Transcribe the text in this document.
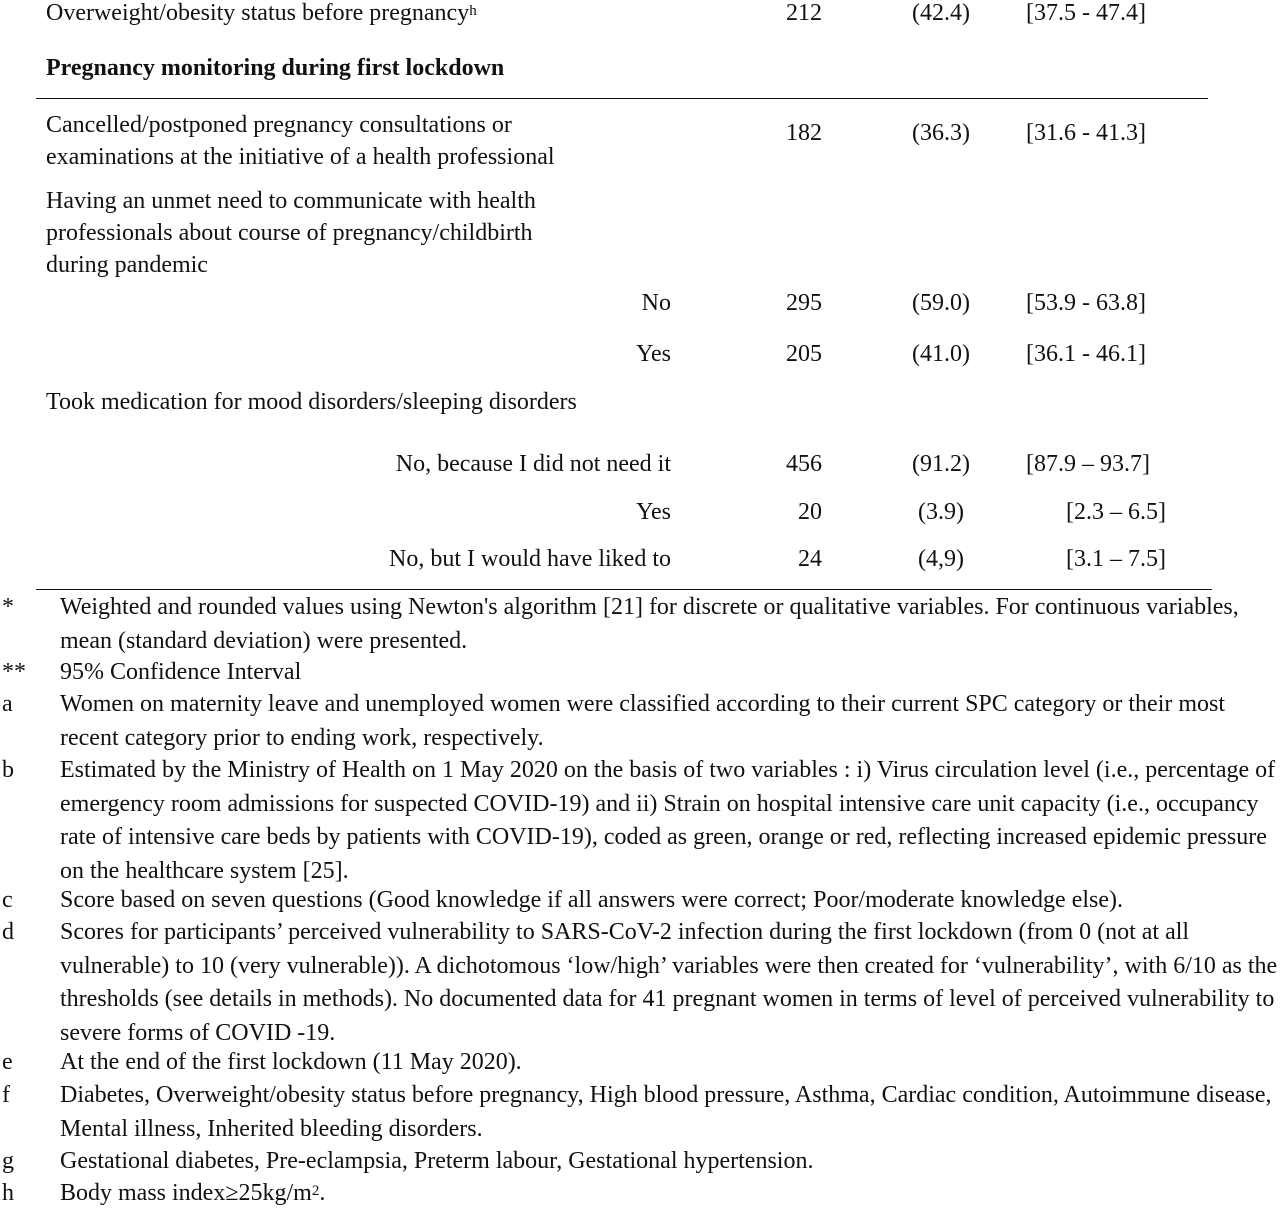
Overweight/obesity status before pregnancy$^h$	212	(42.4) [37.5 - 47.4]
Pregnancy monitoring during first lockdown
Cancelled/postponed pregnancy consultations or
examinations at the initiative of a health professional
182	(36.3) [31.6 - 41.3]
Having an unmet need to communicate with health
professionals about course of pregnancy/childbirth
during pandemic
No	295	(59.0) [53.9 - 63.8]
Yes	205	(41.0) [36.1 - 46.1]
Took medication for mood disorders/sleeping disorders
No, because I did not need it	456	(91.2) [87.9 – 93.7]
Yes	20	(3.9)	[2.3 – 6.5]
No, but I would have liked to	24	(4,9)	[3.1 – 7.5]
* Weighted and rounded values using Newton's algorithm [21] for discrete or qualitative variables. For continuous variables, mean (standard deviation) were presented.
** 95% Confidence Interval
a Women on maternity leave and unemployed women were classified according to their current SPC category or their most recent category prior to ending work, respectively.
b Estimated by the Ministry of Health on 1 May 2020 on the basis of two variables : i) Virus circulation level (i.e., percentage of emergency room admissions for suspected COVID-19) and ii) Strain on hospital intensive care unit capacity (i.e., occupancy rate of intensive care beds by patients with COVID-19), coded as green, orange or red, reflecting increased epidemic pressure on the healthcare system [25].
c Score based on seven questions (Good knowledge if all answers were correct; Poor/moderate knowledge else).
d Scores for participants’ perceived vulnerability to SARS-CoV-2 infection during the first lockdown (from 0 (not at all vulnerable) to 10 (very vulnerable)). A dichotomous ‘low/high’ variables were then created for ‘vulnerability’, with 6/10 as the thresholds (see details in methods). No documented data for 41 pregnant women in terms of level of perceived vulnerability to severe forms of COVID -19.
e At the end of the first lockdown (11 May 2020).
f Diabetes, Overweight/obesity status before pregnancy, High blood pressure, Asthma, Cardiac condition, Autoimmune disease, Mental illness, Inherited bleeding disorders.
g Gestational diabetes, Pre-eclampsia, Preterm labour, Gestational hypertension.
h Body mass $index\ge 25kg/m^2$.
